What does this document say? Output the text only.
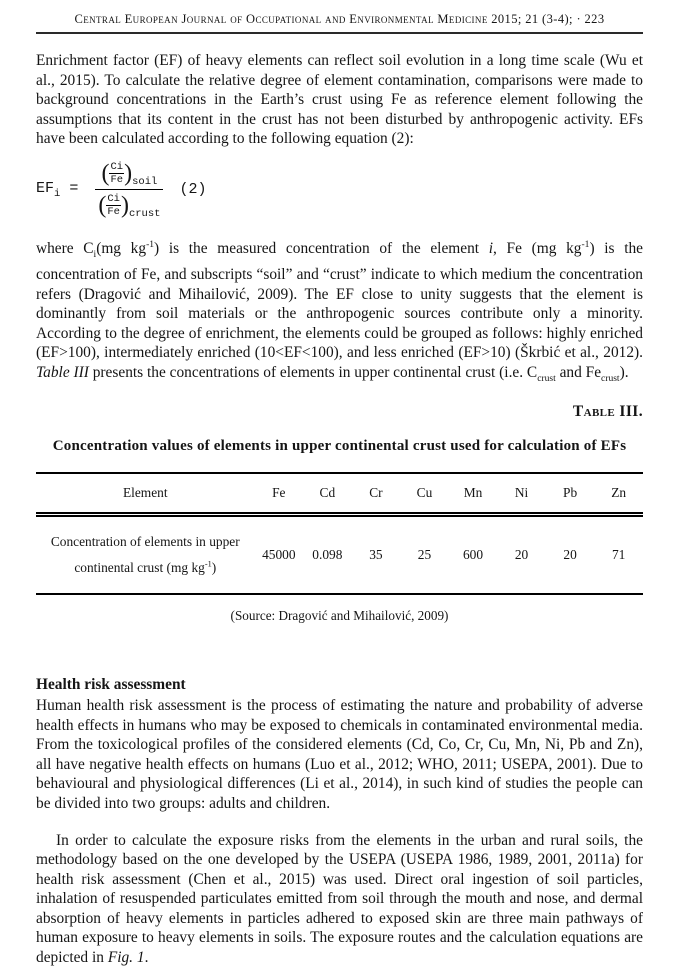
Central European Journal of Occupational and Environmental Medicine 2015; 21 (3-4); · 223

Enrichment factor (EF) of heavy elements can reflect soil evolution in a long time scale (Wu et al., 2015). To calculate the relative degree of element contamination, comparisons were made to background concentrations in the Earth’s crust using Fe as reference element following the assumptions that its content in the crust has not been disturbed by anthropogenic activity. EFs have been calculated according to the following equation (2):

$EF_i$ =
( $\frac{Ci}{Fe} )_{soil}$
( $\frac{Ci}{Fe} )_{crust}$
(2)

where $C_i(mg$ $kg^{-1}$) is the measured concentration of the element i, Fe (mg $kg^{-1}$) is the concentration of Fe, and subscripts “soil” and “crust” indicate to which medium the concentration refers (Dragović and Mihailović, 2009). The EF close to unity suggests that the element is dominantly from soil materials or the anthropogenic sources contribute only a minority. According to the degree of enrichment, the elements could be grouped as follows: highly enriched (EF>100), intermediately enriched (10<EF<100), and less enriched (EF>10) (Škrbić et al., 2012). Table III presents the concentrations of elements in upper continental crust (i.e. $C_{crust}$ and $Fe_{crust}$).

Table III.
Concentration values of elements in upper continental crust used for calculation of EFs
Element	Fe	Cd	Cr	Cu	Mn	Ni	Pb	Zn
Concentration of elements in upper continental crust (mg $kg^{-1}$)	45000	0.098	35	25	600	20	20	71
(Source: Dragović and Mihailović, 2009)
Health risk assessment

Human health risk assessment is the process of estimating the nature and probability of adverse health effects in humans who may be exposed to chemicals in contaminated environmental media. From the toxicological profiles of the considered elements (Cd, Co, Cr, Cu, Mn, Ni, Pb and Zn), all have negative health effects on humans (Luo et al., 2012; WHO, 2011; USEPA, 2001). Due to behavioural and physiological differences (Li et al., 2014), in such kind of studies the people can be divided into two groups: adults and children.

In order to calculate the exposure risks from the elements in the urban and rural soils, the methodology based on the one developed by the USEPA (USEPA 1986, 1989, 2001, 2011a) for health risk assessment (Chen et al., 2015) was used. Direct oral ingestion of soil particles, inhalation of resuspended particulates emitted from soil through the mouth and nose, and dermal absorption of heavy elements in particles adhered to exposed skin are three main pathways of human exposure to heavy elements in soils. The exposure routes and the calculation equations are depicted in Fig. 1.
